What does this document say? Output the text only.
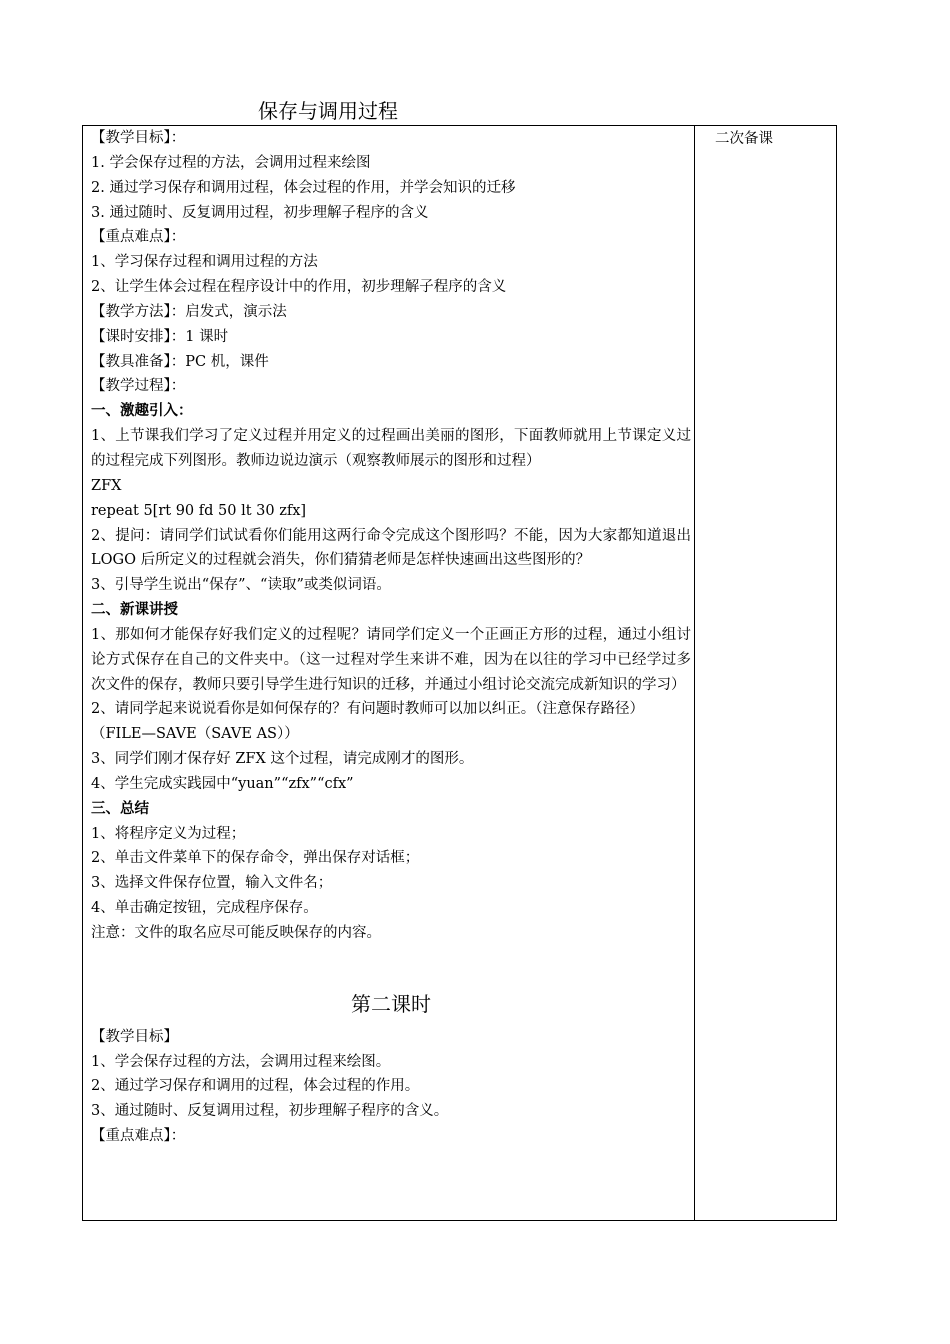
保存与调用过程
【教学目标】：
1. 学会保存过程的方法，会调用过程来绘图
2. 通过学习保存和调用过程，体会过程的作用，并学会知识的迁移
3. 通过随时、反复调用过程，初步理解子程序的含义
【重点难点】：
1、学习保存过程和调用过程的方法
2、让学生体会过程在程序设计中的作用，初步理解子程序的含义
【教学方法】：启发式，演示法
【课时安排】：1 课时
【教具准备】：PC 机，课件
【教学过程】：
一、激趣引入：
1、上节课我们学习了定义过程并用定义的过程画出美丽的图形，下面教师就用上节课定义过的过程完成下列图形。教师边说边演示（观察教师展示的图形和过程）
ZFX
repeat 5[rt 90 fd 50 lt 30 zfx]
2、提问：请同学们试试看你们能用这两行命令完成这个图形吗？不能，因为大家都知道退出 LOGO 后所定义的过程就会消失，你们猜猜老师是怎样快速画出这些图形的？
3、引导学生说出“保存”、“读取”或类似词语。
二、新课讲授
1、那如何才能保存好我们定义的过程呢？请同学们定义一个正画正方形的过程，通过小组讨论方式保存在自己的文件夹中。（这一过程对学生来讲不难，因为在以往的学习中已经学过多次文件的保存，教师只要引导学生进行知识的迁移，并通过小组讨论交流完成新知识的学习）
2、请同学起来说说看你是如何保存的？有问题时教师可以加以纠正。（注意保存路径）
（FILE—SAVE（SAVE AS））
3、同学们刚才保存好 ZFX 这个过程，请完成刚才的图形。
4、学生完成实践园中“yuan”“zfx”“cfx”
三、总结
1、将程序定义为过程；
2、单击文件菜单下的保存命令，弹出保存对话框；
3、选择文件保存位置，输入文件名；
4、单击确定按钮，完成程序保存。
注意：文件的取名应尽可能反映保存的内容。
第二课时
【教学目标】
1、学会保存过程的方法，会调用过程来绘图。
2、通过学习保存和调用的过程，体会过程的作用。
3、通过随时、反复调用过程，初步理解子程序的含义。
【重点难点】：
二次备课
